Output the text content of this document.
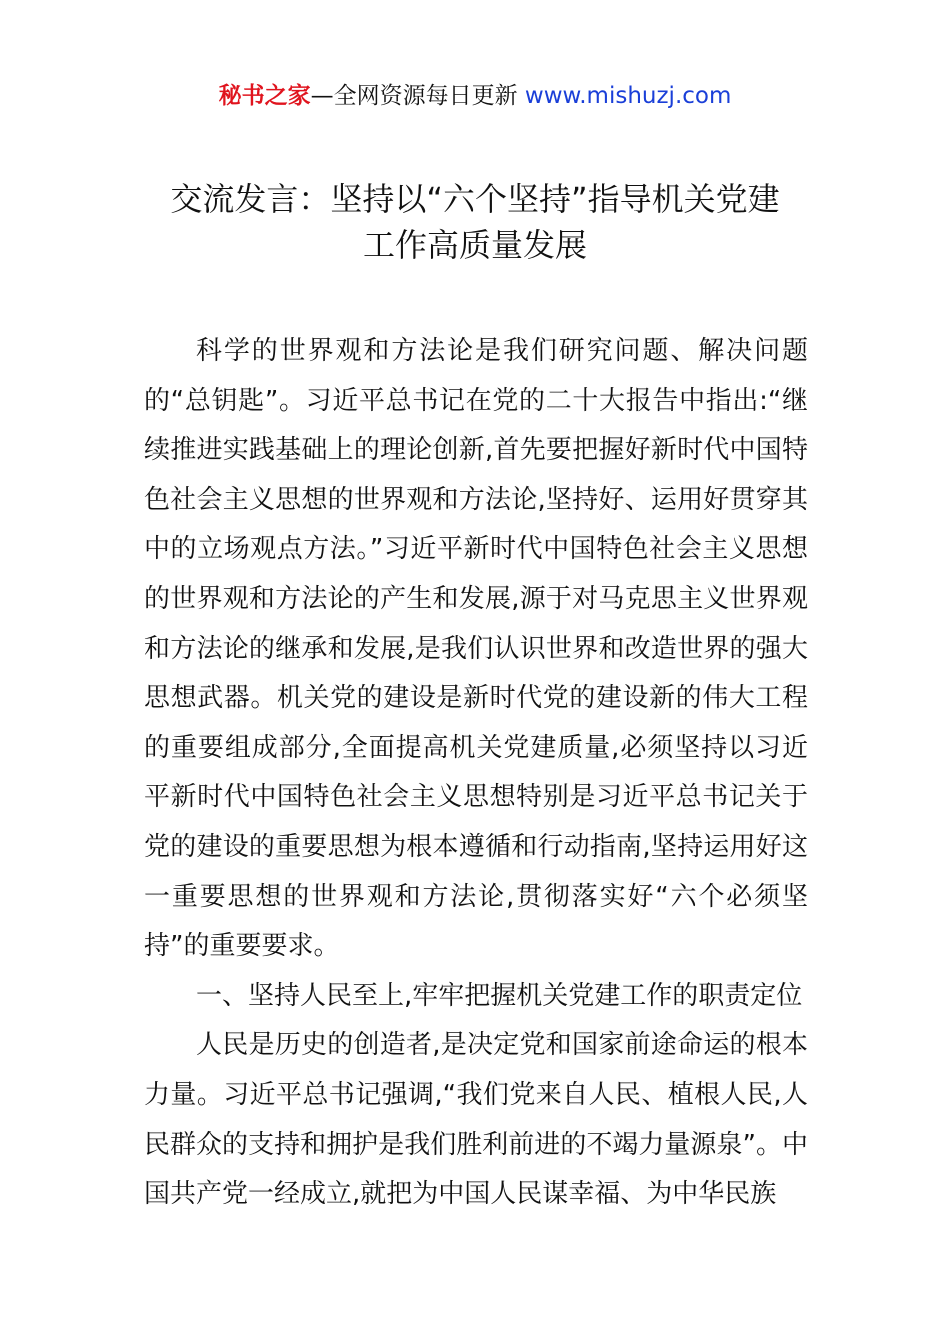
秘书之家—全网资源每日更新 www.mishuzj.com
交流发言：坚持以“六个坚持”指导机关党建
工作高质量发展

科学的世界观和方法论是我们研究问题、解决问题的“总钥匙”。习近平总书记在党的二十大报告中指出:“继续推进实践基础上的理论创新,首先要把握好新时代中国特色社会主义思想的世界观和方法论,坚持好、运用好贯穿其中的立场观点方法。”习近平新时代中国特色社会主义思想的世界观和方法论的产生和发展,源于对马克思主义世界观和方法论的继承和发展,是我们认识世界和改造世界的强大思想武器。机关党的建设是新时代党的建设新的伟大工程的重要组成部分,全面提高机关党建质量,必须坚持以习近平新时代中国特色社会主义思想特别是习近平总书记关于党的建设的重要思想为根本遵循和行动指南,坚持运用好这一重要思想的世界观和方法论,贯彻落实好“六个必须坚持”的重要要求。

一、坚持人民至上,牢牢把握机关党建工作的职责定位

人民是历史的创造者,是决定党和国家前途命运的根本力量。习近平总书记强调,“我们党来自人民、植根人民,人民群众的支持和拥护是我们胜利前进的不竭力量源泉”。中国共产党一经成立,就把为中国人民谋幸福、为中华民族
